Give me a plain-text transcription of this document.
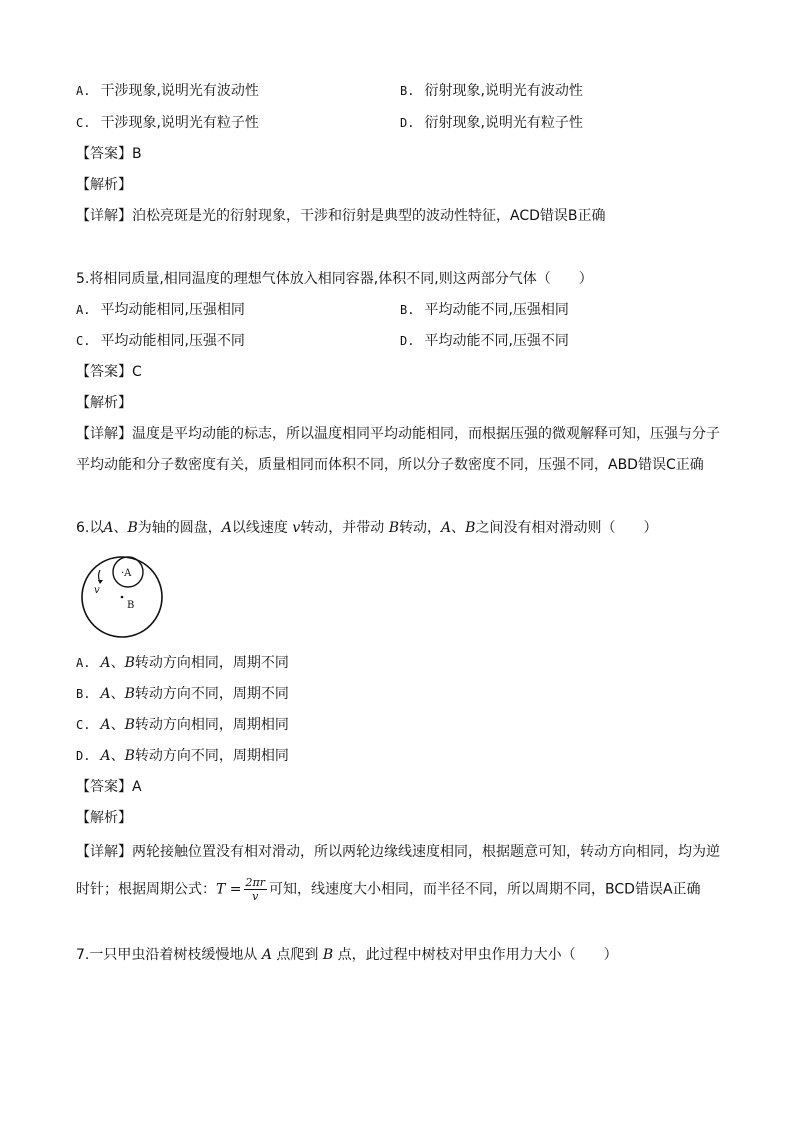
A. 干涉现象,说明光有波动性	B. 衍射现象,说明光有波动性
C. 干涉现象,说明光有粒子性	D. 衍射现象,说明光有粒子性
【答案】B
【解析】
【详解】泊松亮斑是光的衍射现象，干涉和衍射是典型的波动性特征，ACD错误B正确
5.将相同质量,相同温度的理想气体放入相同容器,体积不同,则这两部分气体（　　）
A. 平均动能相同,压强相同	B. 平均动能不同,压强相同
C. 平均动能相同,压强不同	D. 平均动能不同,压强不同
【答案】C
【解析】
【详解】温度是平均动能的标志，所以温度相同平均动能相同，而根据压强的微观解释可知，压强与分子
平均动能和分子数密度有关，质量相同而体积不同，所以分子数密度不同，压强不同，ABD错误C正确
6.以A、B为轴的圆盘，A以线速度 v转动，并带动 B转动，A、B之间没有相对滑动则（　　）
·A
B
v
A. A、B转动方向相同，周期不同
B. A、B转动方向不同，周期不同
C. A、B转动方向相同，周期相同
D. A、B转动方向不同，周期相同
【答案】A
【解析】
【详解】两轮接触位置没有相对滑动，所以两轮边缘线速度相同，根据题意可知，转动方向相同，均为逆
时针；根据周期公式：$T = \frac{2\pi r}{v}$ 可知，线速度大小相同，而半径不同，所以周期不同，BCD错误A正确
7.一只甲虫沿着树枝缓慢地从 A 点爬到 B 点，此过程中树枝对甲虫作用力大小（　　）
